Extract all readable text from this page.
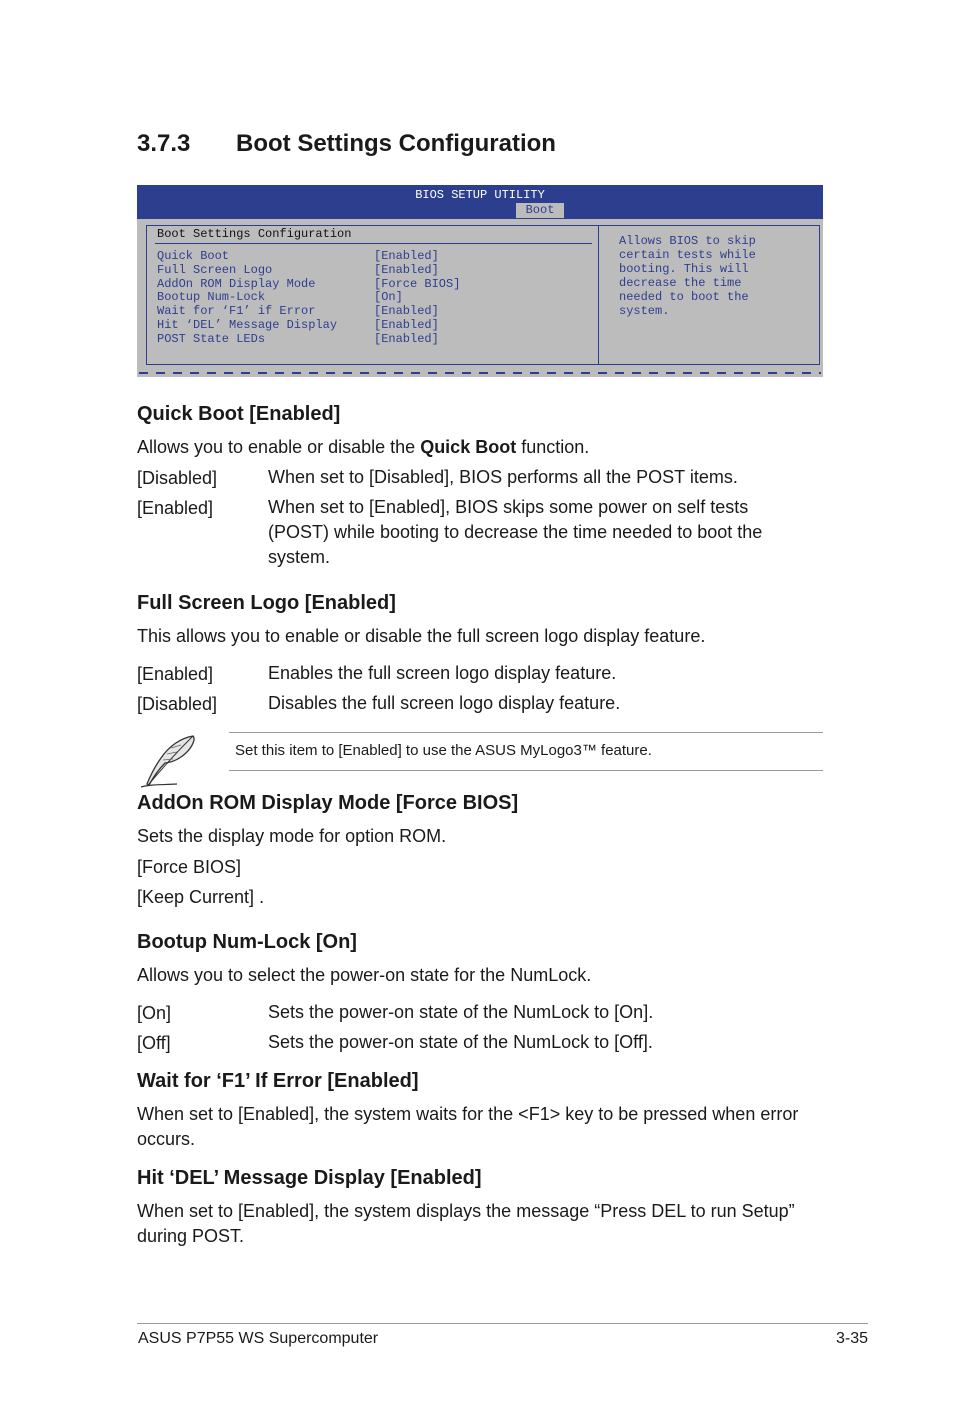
3.7.3 Boot Settings Configuration
BIOS SETUP UTILITY
Boot
Boot Settings Configuration
Quick Boot	[Enabled]
Full Screen Logo	[Enabled]
AddOn ROM Display Mode	[Force BIOS]
Bootup Num-Lock	[On]
Wait for ‘F1’ if Error	[Enabled]
Hit ‘DEL’ Message Display	[Enabled]
POST State LEDs	[Enabled]
Allows BIOS to skip
certain tests while
booting. This will
decrease the time
needed to boot the
system.
Quick Boot [Enabled]
Allows you to enable or disable the Quick Boot function.
[Disabled]	When set to [Disabled], BIOS performs all the POST items.
[Enabled]	When set to [Enabled], BIOS skips some power on self tests (POST) while booting to decrease the time needed to boot the system.
Full Screen Logo [Enabled]
This allows you to enable or disable the full screen logo display feature.
[Enabled]	Enables the full screen logo display feature.
[Disabled]	Disables the full screen logo display feature.
Set this item to [Enabled] to use the ASUS MyLogo3™ feature.
AddOn ROM Display Mode [Force BIOS]
Sets the display mode for option ROM.
[Force BIOS]
[Keep Current] .
Bootup Num-Lock [On]
Allows you to select the power-on state for the NumLock.
[On]	Sets the power-on state of the NumLock to [On].
[Off]	Sets the power-on state of the NumLock to [Off].
Wait for ‘F1’ If Error [Enabled]
When set to [Enabled], the system waits for the <F1> key to be pressed when error
occurs.
Hit ‘DEL’ Message Display [Enabled]
When set to [Enabled], the system displays the message “Press DEL to run Setup”
during POST.
ASUS P7P55 WS Supercomputer	3-35
